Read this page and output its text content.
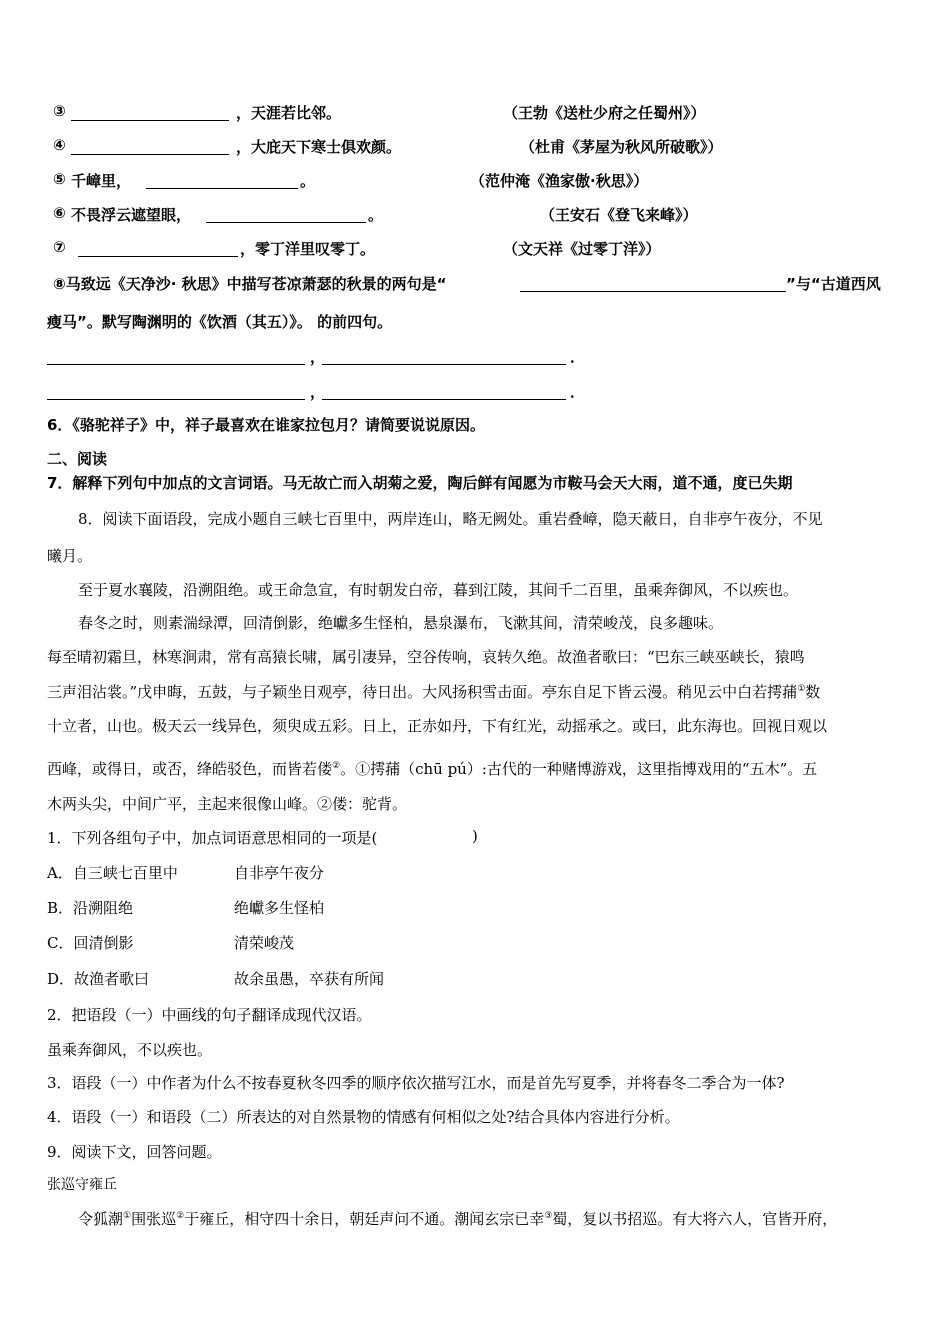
③	，天涯若比邻。	（王勃《送杜少府之任蜀州》）
④	，大庇天下寒士俱欢颜。	（杜甫《茅屋为秋风所破歌》）
⑤ 千嶂里，	。	（范仲淹《渔家傲·秋思》）
⑥ 不畏浮云遮望眼，	。	（王安石《登飞来峰》）
⑦	，零丁洋里叹零丁。	（文天祥《过零丁洋》）
⑧马致远《天净沙· 秋思》中描写苍凉萧瑟的秋景的两句是“	”与“古道西风
瘦马”。默写陶渊明的《饮酒（其五）》。 的前四句。
，	．
，	．
6．《骆驼祥子》中，祥子最喜欢在谁家拉包月？请简要说说原因。
二、阅读
7．解释下列句中加点的文言词语。马无故亡而入胡菊之爱，陶后鲜有闻愿为市鞍马会天大雨，道不通，度已失期
8．阅读下面语段，完成小题自三峡七百里中，两岸连山，略无阙处。重岩叠嶂，隐天蔽日，自非亭午夜分，不见
曦月。
至于夏水襄陵，沿溯阻绝。或王命急宣，有时朝发白帝，暮到江陵，其间千二百里，虽乘奔御风，不以疾也。
春冬之时，则素湍绿潭，回清倒影，绝巘多生怪柏，悬泉瀑布，飞漱其间，清荣峻茂，良多趣味。
每至晴初霜旦，林寒涧肃，常有高猿长啸，属引凄异，空谷传响，哀转久绝。故渔者歌曰：“巴东三峡巫峡长，猿鸣
三声泪沾裳。”戊申晦，五鼓，与子颖坐日观亭，待日出。大风扬积雪击面。亭东自足下皆云漫。稍见云中白若摴蒱①数
十立者，山也。极天云一线异色，须臾成五彩。日上，正赤如丹，下有红光，动摇承之。或曰，此东海也。回视日观以
西峰，或得日，或否，绛皓驳色，而皆若偻②。①摴蒱（chū pú）:古代的一种赌博游戏，这里指博戏用的“五木”。五
木两头尖，中间广平，主起来很像山峰。②偻：驼背。
1．下列各组句子中，加点词语意思相同的一项是(	)
A．自三峡七百里中	自非亭午夜分
B．沿溯阻绝	绝巘多生怪柏
C．回清倒影	清荣峻茂
D．故渔者歌曰	故余虽愚，卒获有所闻
2．把语段（一）中画线的句子翻译成现代汉语。
虽乘奔御风，不以疾也。
3．语段（一）中作者为什么不按春夏秋冬四季的顺序依次描写江水，而是首先写夏季，并将春冬二季合为一体?
4．语段（一）和语段（二）所表达的对自然景物的情感有何相似之处?结合具体内容进行分析。
9．阅读下文，回答问题。
张巡守雍丘
令狐潮①围张巡②于雍丘，相守四十余日，朝廷声问不通。潮闻玄宗已幸③蜀，复以书招巡。有大将六人，官皆开府，
